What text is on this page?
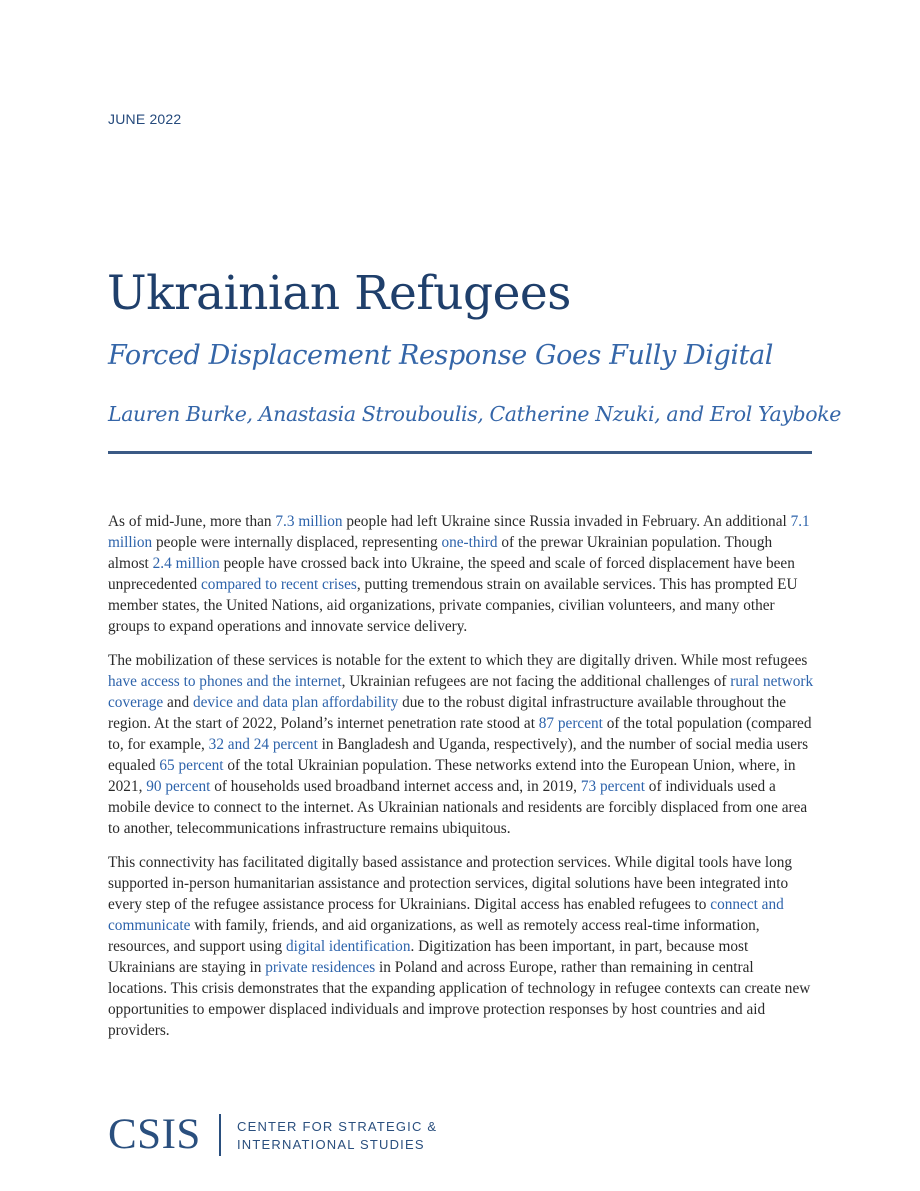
JUNE 2022
Ukrainian Refugees
Forced Displacement Response Goes Fully Digital
Lauren Burke, Anastasia Strouboulis, Catherine Nzuki, and Erol Yayboke

As of mid-June, more than 7.3 million people had left Ukraine since Russia invaded in February. An additional 7.1 million people were internally displaced, representing one-third of the prewar Ukrainian population. Though almost 2.4 million people have crossed back into Ukraine, the speed and scale of forced displacement have been unprecedented compared to recent crises, putting tremendous strain on available services. This has prompted EU member states, the United Nations, aid organizations, private companies, civilian volunteers, and many other groups to expand operations and innovate service delivery.

The mobilization of these services is notable for the extent to which they are digitally driven. While most refugees have access to phones and the internet, Ukrainian refugees are not facing the additional challenges of rural network coverage and device and data plan affordability due to the robust digital infrastructure available throughout the region. At the start of 2022, Poland’s internet penetration rate stood at 87 percent of the total population (compared to, for example, 32 and 24 percent in Bangladesh and Uganda, respectively), and the number of social media users equaled 65 percent of the total Ukrainian population. These networks extend into the European Union, where, in 2021, 90 percent of households used broadband internet access and, in 2019, 73 percent of individuals used a mobile device to connect to the internet. As Ukrainian nationals and residents are forcibly displaced from one area to another, telecommunications infrastructure remains ubiquitous.

This connectivity has facilitated digitally based assistance and protection services. While digital tools have long supported in-person humanitarian assistance and protection services, digital solutions have been integrated into every step of the refugee assistance process for Ukrainians. Digital access has enabled refugees to connect and communicate with family, friends, and aid organizations, as well as remotely access real-time information, resources, and support using digital identification. Digitization has been important, in part, because most Ukrainians are staying in private residences in Poland and across Europe, rather than remaining in central locations. This crisis demonstrates that the expanding application of technology in refugee contexts can create new opportunities to empower displaced individuals and improve protection responses by host countries and aid providers.

CSIS	CENTER FOR STRATEGIC &
INTERNATIONAL STUDIES
